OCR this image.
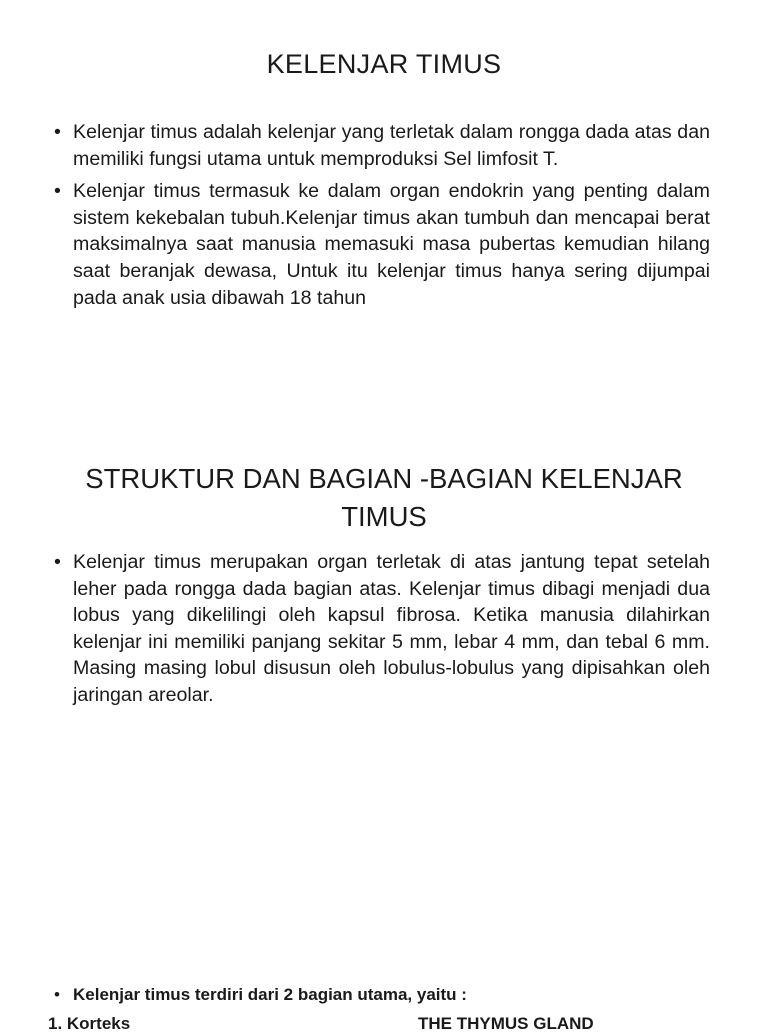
KELENJAR TIMUS
• Kelenjar timus adalah kelenjar yang terletak dalam rongga dada atas dan memiliki fungsi utama untuk memproduksi Sel limfosit T.
• Kelenjar timus termasuk ke dalam organ endokrin yang penting dalam sistem kekebalan tubuh.Kelenjar timus akan tumbuh dan mencapai berat maksimalnya saat manusia memasuki masa pubertas kemudian hilang saat beranjak dewasa, Untuk itu kelenjar timus hanya sering dijumpai pada anak usia dibawah 18 tahun
STRUKTUR DAN BAGIAN -BAGIAN KELENJAR TIMUS
• Kelenjar timus merupakan organ terletak di atas jantung tepat setelah leher pada rongga dada bagian atas. Kelenjar timus dibagi menjadi dua lobus yang dikelilingi oleh kapsul fibrosa. Ketika manusia dilahirkan kelenjar ini memiliki panjang sekitar 5 mm, lebar 4 mm, dan tebal 6 mm. Masing masing lobul disusun oleh lobulus-lobulus yang dipisahkan oleh jaringan areolar.
• Kelenjar timus terdiri dari 2 bagian utama, yaitu :
1. Korteks	THE THYMUS GLAND
